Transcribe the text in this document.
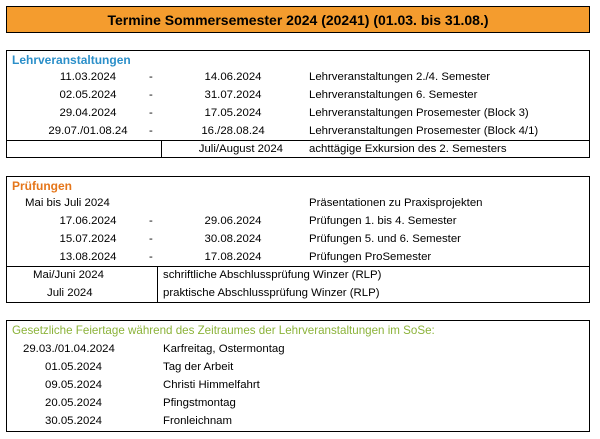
Termine Sommersemester 2024 (20241) (01.03. bis 31.08.)
Lehrveranstaltungen
11.03.2024	-	14.06.2024	Lehrveranstaltungen 2./4. Semester
02.05.2024	-	31.07.2024	Lehrveranstaltungen 6. Semester
29.04.2024	-	17.05.2024	Lehrveranstaltungen Prosemester (Block 3)
29.07./01.08.24	-	16./28.08.24	Lehrveranstaltungen Prosemester (Block 4/1)
Juli/August 2024 achttägige Exkursion des 2. Semesters
Prüfungen
Mai bis Juli 2024	Präsentationen zu Praxisprojekten
17.06.2024	-	29.06.2024	Prüfungen 1. bis 4. Semester
15.07.2024	-	30.08.2024	Prüfungen 5. und 6. Semester
13.08.2024	-	17.08.2024	Prüfungen ProSemester
Mai/Juni 2024	schriftliche Abschlussprüfung Winzer (RLP)
Juli 2024	praktische Abschlussprüfung Winzer (RLP)
Gesetzliche Feiertage während des Zeitraumes der Lehrveranstaltungen im SoSe:
29.03./01.04.2024	Karfreitag, Ostermontag
01.05.2024	Tag der Arbeit
09.05.2024	Christi Himmelfahrt
20.05.2024	Pfingstmontag
30.05.2024	Fronleichnam
